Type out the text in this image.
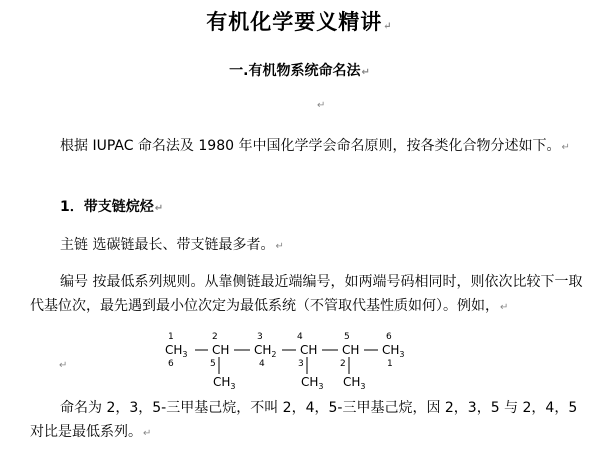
有机化学要义精讲↵
一.有机物系统命名法↵
↵
根据 IUPAC 命名法及 1980 年中国化学学会命名原则，按各类化合物分述如下。↵
1．带支链烷烃↵
主链 选碳链最长、带支链最多者。↵
编号 按最低系列规则。从靠侧链最近端编号，如两端号码相同时，则依次比较下一取代基位次，最先遇到最小位次定为最低系统（不管取代基性质如何）。例如，↵
↵
1	2	3	4	5	6
$CH_3$ CH $CH_2$ CH CH $CH_3$
6	5	4	3	2	1
$CH_3$	$CH_3$ $CH_3$
命名为 2，3，5-三甲基己烷，不叫 2，4，5-三甲基己烷，因 2，3，5 与 2，4，5 对比是最低系列。↵
